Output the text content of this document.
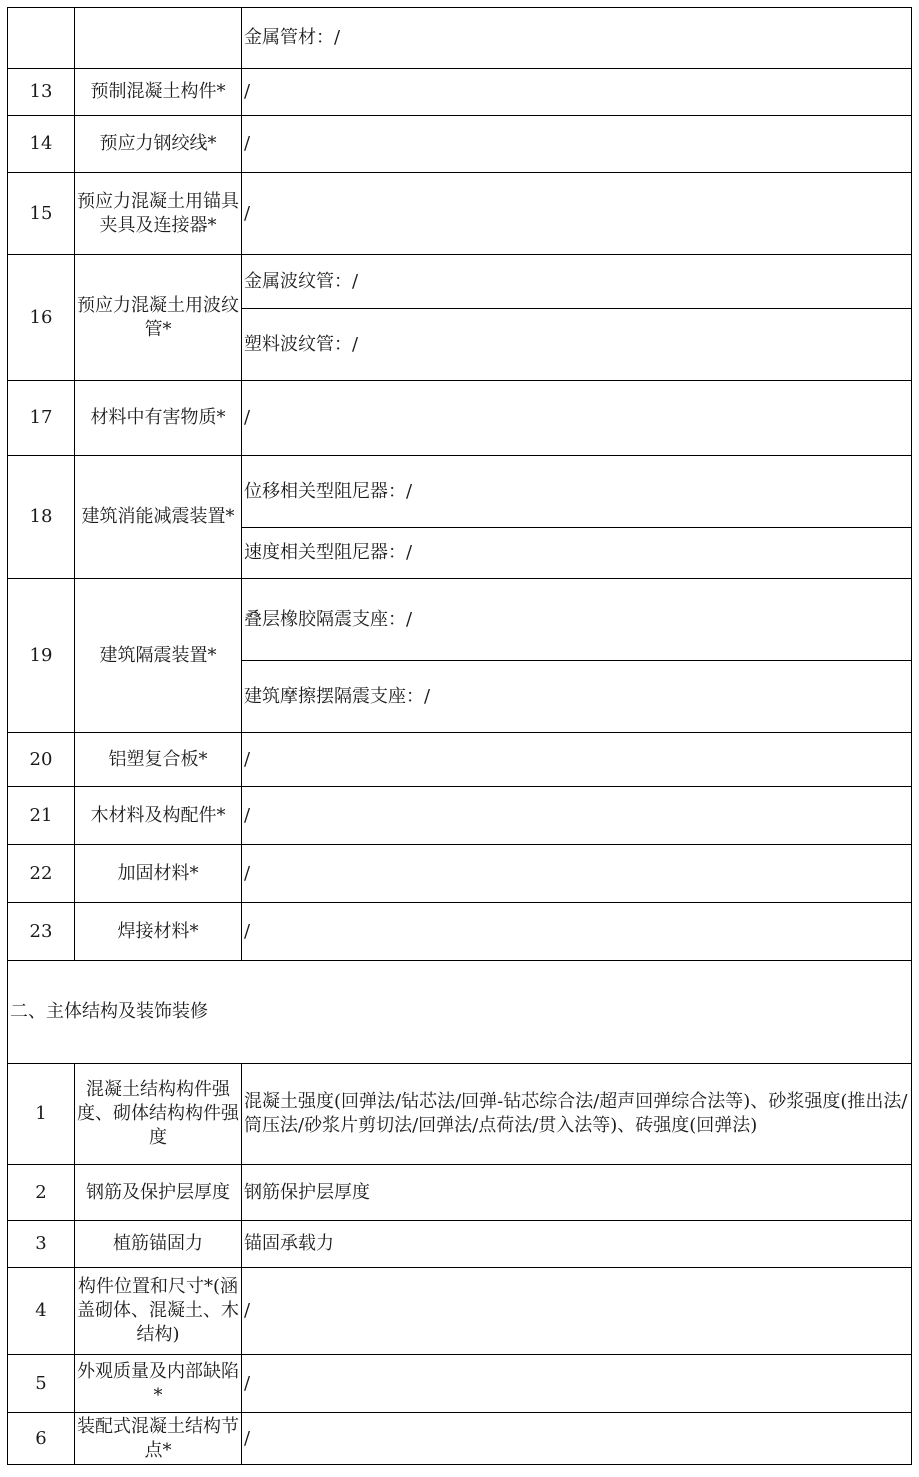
		金属管材：/
13	预制混凝土构件*	/
14	预应力钢绞线*	/
15	预应力混凝土用锚具夹具及连接器*	/
16	预应力混凝土用波纹管*	金属波纹管：/
		塑料波纹管：/
17	材料中有害物质*	/
18	建筑消能减震装置*	位移相关型阻尼器：/
		速度相关型阻尼器：/
19	建筑隔震装置*	叠层橡胶隔震支座：/
		建筑摩擦摆隔震支座：/
20	铝塑复合板*	/
21	木材料及构配件*	/
22	加固材料*	/
23	焊接材料*	/
二、主体结构及装饰装修		
1	混凝土结构构件强度、砌体结构构件强度	混凝土强度(回弹法/钻芯法/回弹-钻芯综合法/超声回弹综合法等)、砂浆强度(推出法/筒压法/砂浆片剪切法/回弹法/点荷法/贯入法等)、砖强度(回弹法)
2	钢筋及保护层厚度	钢筋保护层厚度
3	植筋锚固力	锚固承载力
4	构件位置和尺寸*(涵盖砌体、混凝土、木结构)	/
5	外观质量及内部缺陷*	/
6	装配式混凝土结构节点*	/
